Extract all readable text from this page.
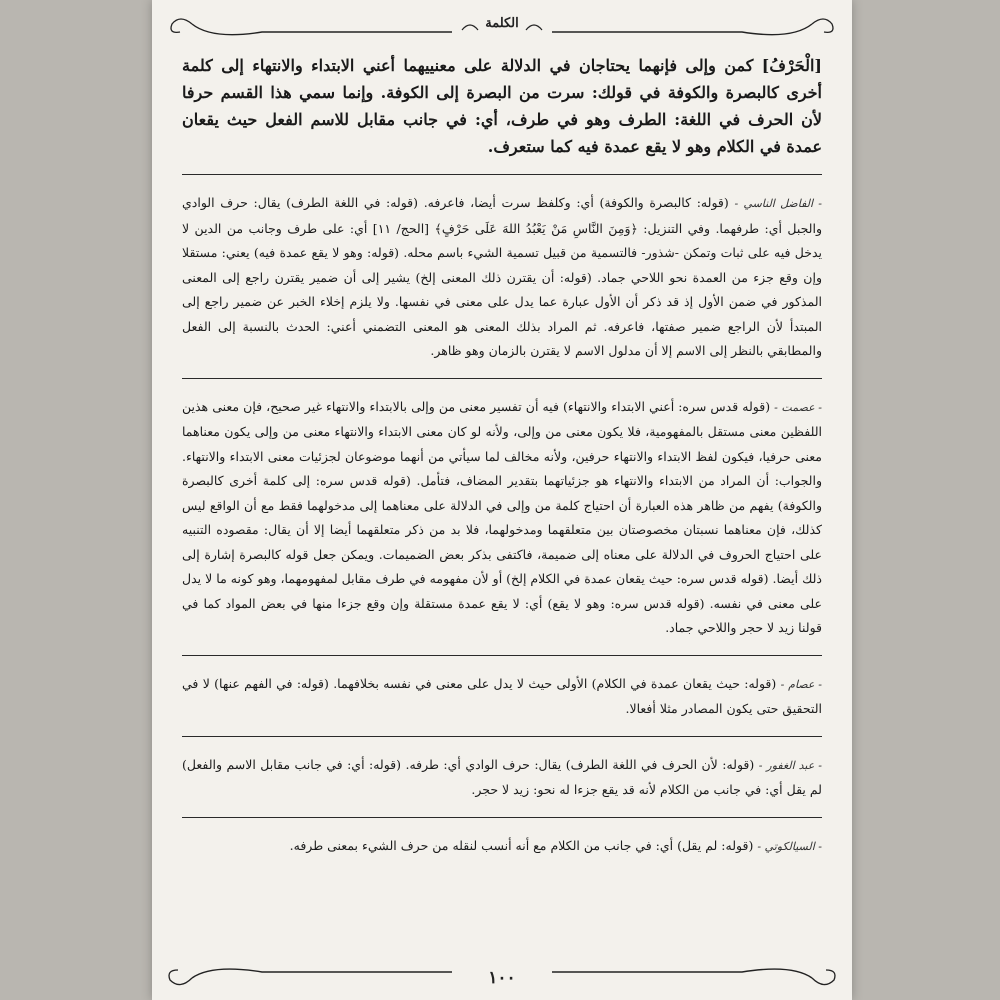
الكلمة

[الْحَرْفُ] كمن وإلى فإنهما يحتاجان في الدلالة على معنييهما أعني الابتداء والانتهاء إلى كلمة أخرى كالبصرة والكوفة في قولك: سرت من البصرة إلى الكوفة. وإنما سمي هذا القسم حرفا لأن الحرف في اللغة: الطرف وهو في طرف، أي: في جانب مقابل للاسم الفعل حيث يقعان عمدة في الكلام وهو لا يقع عمدة فيه كما ستعرف.

- الفاضل الناسي - (قوله: كالبصرة والكوفة) أي: وكلفظ سرت أيضا، فاعرفه. (قوله: في اللغة الطرف) يقال: حرف الوادي والجبل أي: طرفهما. وفي التنزيل: ﴿وَمِنَ النَّاسِ مَنْ يَعْبُدُ اللهَ عَلَى حَرْفٍ﴾ [الحج/ ١١] أي: على طرف وجانب من الدين لا يدخل فيه على ثبات وتمكن -شذور- فالتسمية من قبيل تسمية الشيء باسم محله. (قوله: وهو لا يقع عمدة فيه) يعني: مستقلا وإن وقع جزء من العمدة نحو اللاحي جماد. (قوله: أن يقترن ذلك المعنى إلخ) يشير إلى أن ضمير يقترن راجع إلى المعنى المذكور في ضمن الأول إذ قد ذكر أن الأول عبارة عما يدل على معنى في نفسها. ولا يلزم إخلاء الخبر عن ضمير راجع إلى المبتدأ لأن الراجع ضمير صفتها، فاعرفه. ثم المراد بذلك المعنى هو المعنى التضمني أعني: الحدث بالنسبة إلى الفعل والمطابقي بالنظر إلى الاسم إلا أن مدلول الاسم لا يقترن بالزمان وهو ظاهر.

- عصمت - (قوله قدس سره: أعني الابتداء والانتهاء) فيه أن تفسير معنى من وإلى بالابتداء والانتهاء غير صحيح، فإن معنى هذين اللفظين معنى مستقل بالمفهومية، فلا يكون معنى من وإلى، ولأنه لو كان معنى الابتداء والانتهاء معنى من وإلى يكون معناهما معنى حرفيا، فيكون لفظ الابتداء والانتهاء حرفين، ولأنه مخالف لما سيأتي من أنهما موضوعان لجزئيات معنى الابتداء والانتهاء. والجواب: أن المراد من الابتداء والانتهاء هو جزئياتهما بتقدير المضاف، فتأمل. (قوله قدس سره: إلى كلمة أخرى كالبصرة والكوفة) يفهم من ظاهر هذه العبارة أن احتياج كلمة من وإلى في الدلالة على معناهما إلى مدخولهما فقط مع أن الواقع ليس كذلك، فإن معناهما نسبتان مخصوصتان بين متعلقهما ومدخولهما، فلا بد من ذكر متعلقهما أيضا إلا أن يقال: مقصوده التنبيه على احتياج الحروف في الدلالة على معناه إلى ضميمة، فاكتفى بذكر بعض الضميمات. ويمكن جعل قوله كالبصرة إشارة إلى ذلك أيضا. (قوله قدس سره: حيث يقعان عمدة في الكلام إلخ) أو لأن مفهومه في طرف مقابل لمفهومهما، وهو كونه ما لا يدل على معنى في نفسه. (قوله قدس سره: وهو لا يقع) أي: لا يقع عمدة مستقلة وإن وقع جزءا منها في بعض المواد كما في قولنا زيد لا حجر واللاحي جماد.

- عصام - (قوله: حيث يقعان عمدة في الكلام) الأولى حيث لا يدل على معنى في نفسه بخلافهما. (قوله: في الفهم عنها) لا في التحقيق حتى يكون المصادر مثلا أفعالا.

- عبد الغفور - (قوله: لأن الحرف في اللغة الطرف) يقال: حرف الوادي أي: طرفه. (قوله: أي: في جانب مقابل الاسم والفعل) لم يقل أي: في جانب من الكلام لأنه قد يقع جزءا له نحو: زيد لا حجر.

- السيالكوتي - (قوله: لم يقل) أي: في جانب من الكلام مع أنه أنسب لنقله من حرف الشيء بمعنى طرفه.

١٠٠
